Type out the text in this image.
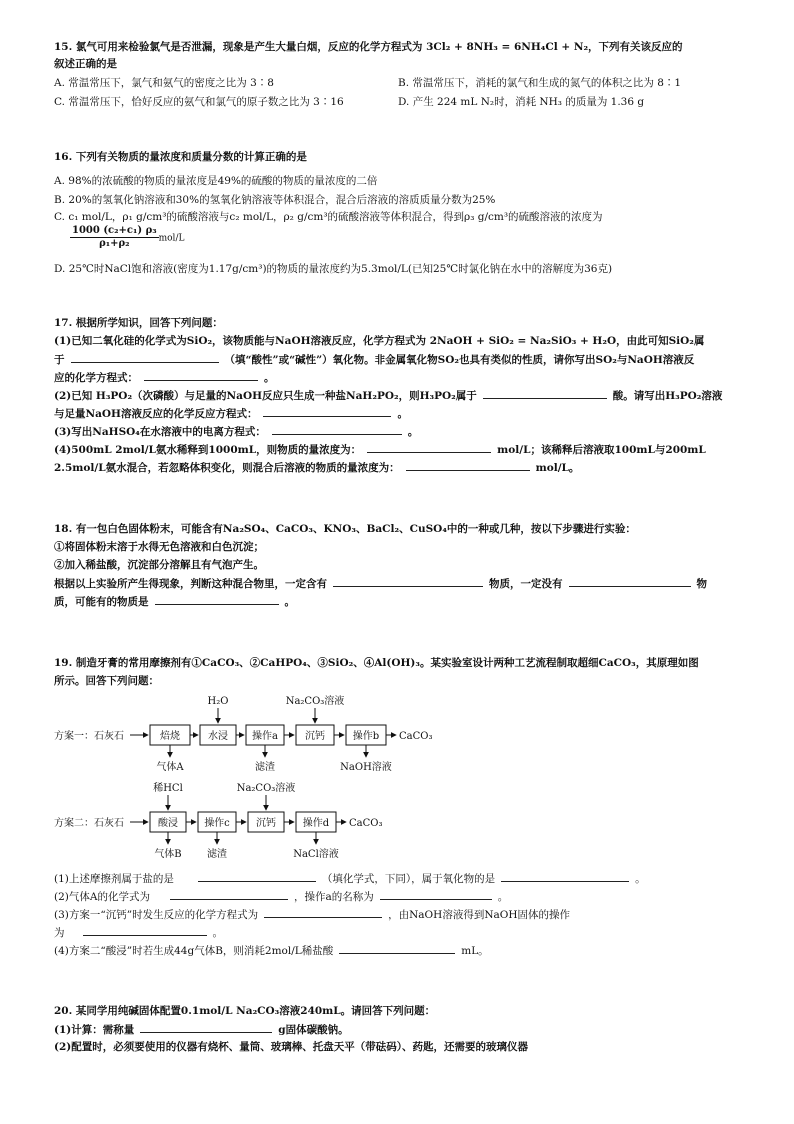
15. 氯气可用来检验氯气是否泄漏，现象是产生大量白烟，反应的化学方程式为 3Cl₂ + 8NH₃ = 6NH₄Cl + N₂，下列有关该反应的
叙述正确的是
A. 常温常压下，氯气和氨气的密度之比为 3∶8	B. 常温常压下，消耗的氯气和生成的氮气的体积之比为 8∶1
C. 常温常压下，恰好反应的氨气和氯气的原子数之比为 3∶16	D. 产生 224 mL N₂时，消耗 NH₃ 的质量为 1.36 g
16. 下列有关物质的量浓度和质量分数的计算正确的是
A. 98%的浓硫酸的物质的量浓度是49%的硫酸的物质的量浓度的二倍
B. 20%的氢氧化钠溶液和30%的氢氧化钠溶液等体积混合，混合后溶液的溶质质量分数为25%
C. c₁ mol/L，ρ₁ g/cm³的硫酸溶液与c₂ mol/L，ρ₂ g/cm³的硫酸溶液等体积混合，得到ρ₃ g/cm³的硫酸溶液的浓度为
$\frac{\text{1000 (c₂+c₁) ρ₃}}{\text{ρ₁+ρ₂}} mol/L$
D. 25℃时NaCl饱和溶液(密度为1.17g/cm³)的物质的量浓度约为5.3mol/L(已知25℃时氯化钠在水中的溶解度为36克)
17. 根据所学知识，回答下列问题：
(1)已知二氧化硅的化学式为SiO₂，该物质能与NaOH溶液反应，化学方程式为 2NaOH + SiO₂ = Na₂SiO₃ + H₂O，由此可知SiO₂属
于	（填“酸性”或“碱性”）氧化物。非金属氧化物SO₂也具有类似的性质，请你写出SO₂与NaOH溶液反
应的化学方程式：	。
(2)已知 H₃PO₂（次磷酸）与足量的NaOH反应只生成一种盐NaH₂PO₂，则H₃PO₂属于	酸。请写出H₃PO₂溶液
与足量NaOH溶液反应的化学反应方程式：	。
(3)写出NaHSO₄在水溶液中的电离方程式：	。
(4)500mL 2mol/L氨水稀释到1000mL，则物质的量浓度为：	mol/L；该稀释后溶液取100mL与200mL
2.5mol/L氨水混合，若忽略体积变化，则混合后溶液的物质的量浓度为：	mol/L。
18. 有一包白色固体粉末，可能含有Na₂SO₄、CaCO₃、KNO₃、BaCl₂、CuSO₄中的一种或几种，按以下步骤进行实验：
①将固体粉末溶于水得无色溶液和白色沉淀；
②加入稀盐酸，沉淀部分溶解且有气泡产生。
根据以上实验所产生得现象，判断这种混合物里，一定含有	物质，一定没有	物
质，可能有的物质是	。
19. 制造牙膏的常用摩擦剂有①CaCO₃、②CaHPO₄、③SiO₂、④Al(OH)₃。某实验室设计两种工艺流程制取超细CaCO₃，其原理如图
所示。回答下列问题：
方案一：石灰石	焙烧	水浸 操作a	沉钙	操作b CaCO₃
H₂O	Na₂CO₃溶液
气体A	滤渣	NaOH溶液
方案二：石灰石	酸浸	操作c	沉钙	操作d CaCO₃
稀HCl	Na₂CO₃溶液
气体B	滤渣	NaCl溶液
(1)上述摩擦剂属于盐的是	（填化学式，下同），属于氧化物的是	。
(2)气体A的化学式为	，操作a的名称为	。
(3)方案一“沉钙”时发生反应的化学方程式为	，由NaOH溶液得到NaOH固体的操作
为	。
(4)方案二“酸浸”时若生成44g气体B，则消耗2mol/L稀盐酸	mL。
20. 某同学用纯碱固体配置0.1mol/L Na₂CO₃溶液240mL。请回答下列问题：
(1)计算：需称量	g固体碳酸钠。
(2)配置时，必须要使用的仪器有烧杯、量筒、玻璃棒、托盘天平（带砝码）、药匙，还需要的玻璃仪器
